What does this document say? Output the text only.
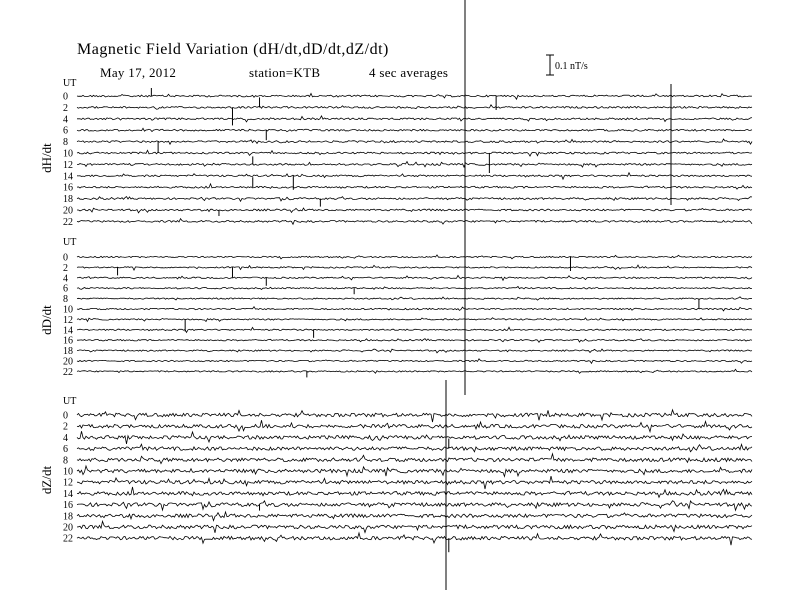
Magnetic Field Variation (dH/dt,dD/dt,dZ/dt)
May 17, 2012	station=KTB	4 sec averages	0.1 nT/s
UT
dH/dt
0
2
4
6
8
10
12
14
16
18
20
22
UT
dD/dt
0
2
4
6
8
10
12
14
16
18
20
22
UT
dZ/dt
0
2
4
6
8
10
12
14
16
18
20
22
